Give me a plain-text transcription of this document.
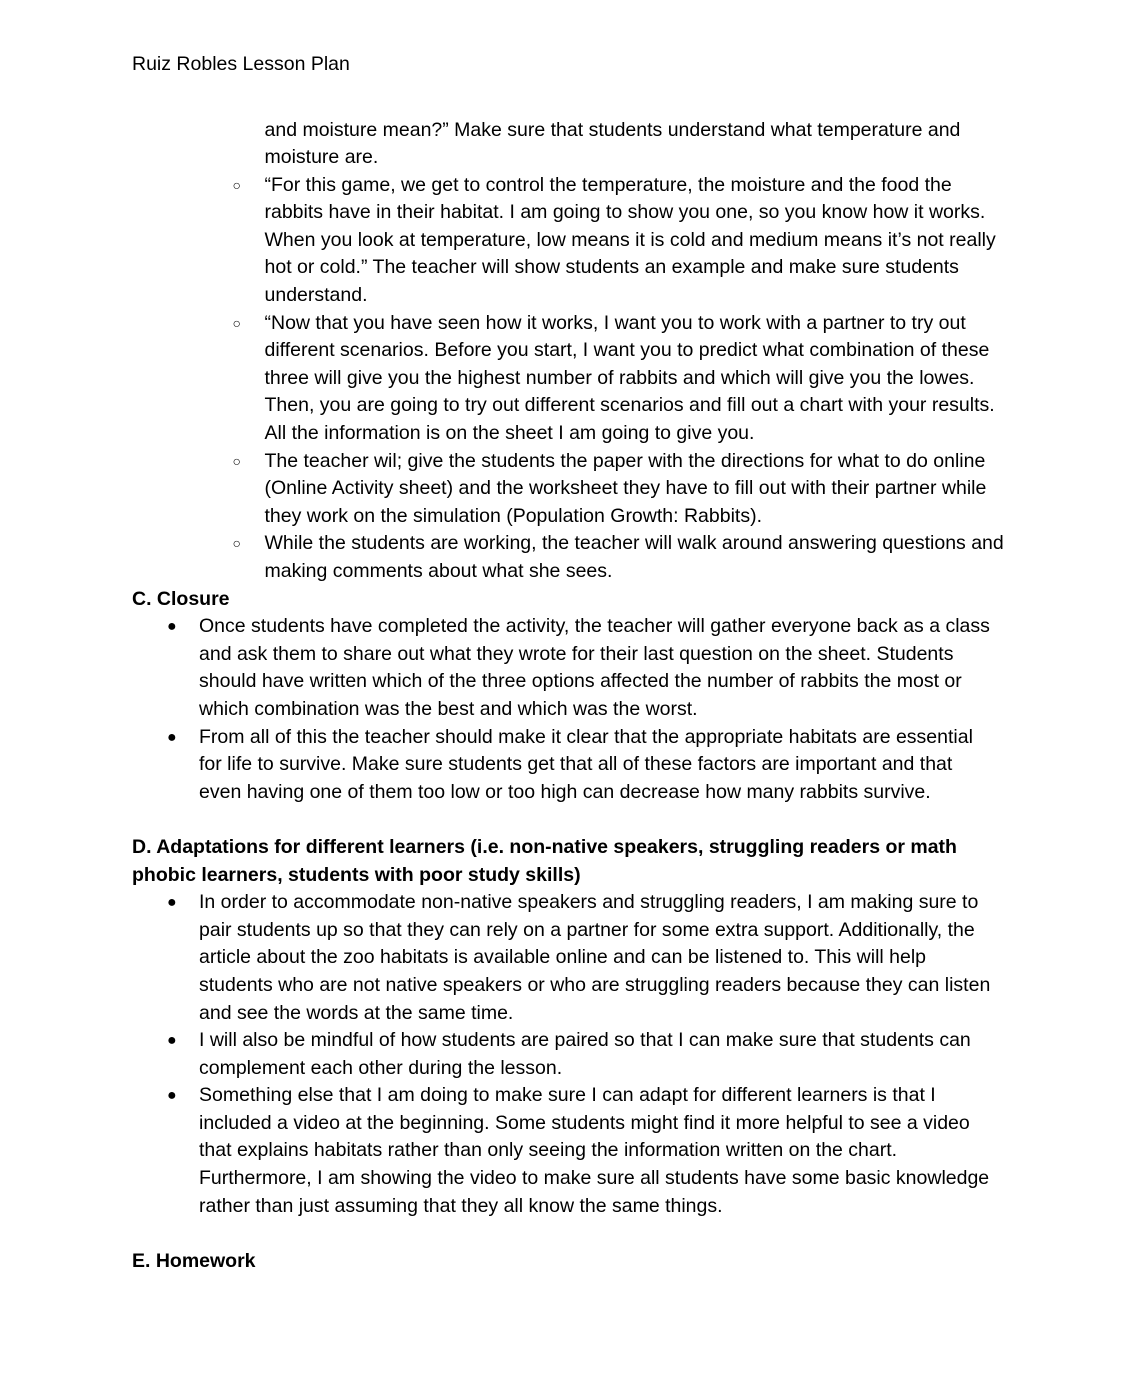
Ruiz Robles Lesson Plan

and moisture mean?” Make sure that students understand what temperature and moisture are.

○ “For this game, we get to control the temperature, the moisture and the food the rabbits have in their habitat. I am going to show you one, so you know how it works. When you look at temperature, low means it is cold and medium means it’s not really hot or cold.” The teacher will show students an example and make sure students understand.
○ “Now that you have seen how it works, I want you to work with a partner to try out different scenarios. Before you start, I want you to predict what combination of these three will give you the highest number of rabbits and which will give you the lowes. Then, you are going to try out different scenarios and fill out a chart with your results. All the information is on the sheet I am going to give you.
○ The teacher wil; give the students the paper with the directions for what to do online (Online Activity sheet) and the worksheet they have to fill out with their partner while they work on the simulation (Population Growth: Rabbits).
○ While the students are working, the teacher will walk around answering questions and making comments about what she sees.
C. Closure
● Once students have completed the activity, the teacher will gather everyone back as a class and ask them to share out what they wrote for their last question on the sheet. Students should have written which of the three options affected the number of rabbits the most or which combination was the best and which was the worst.
● From all of this the teacher should make it clear that the appropriate habitats are essential for life to survive. Make sure students get that all of these factors are important and that even having one of them too low or too high can decrease how many rabbits survive.
D. Adaptations for different learners (i.e. non-native speakers, struggling readers or math phobic learners, students with poor study skills)
● In order to accommodate non-native speakers and struggling readers, I am making sure to pair students up so that they can rely on a partner for some extra support. Additionally, the article about the zoo habitats is available online and can be listened to. This will help students who are not native speakers or who are struggling readers because they can listen and see the words at the same time.
● I will also be mindful of how students are paired so that I can make sure that students can complement each other during the lesson.
● Something else that I am doing to make sure I can adapt for different learners is that I included a video at the beginning. Some students might find it more helpful to see a video that explains habitats rather than only seeing the information written on the chart. Furthermore, I am showing the video to make sure all students have some basic knowledge rather than just assuming that they all know the same things.
E. Homework
